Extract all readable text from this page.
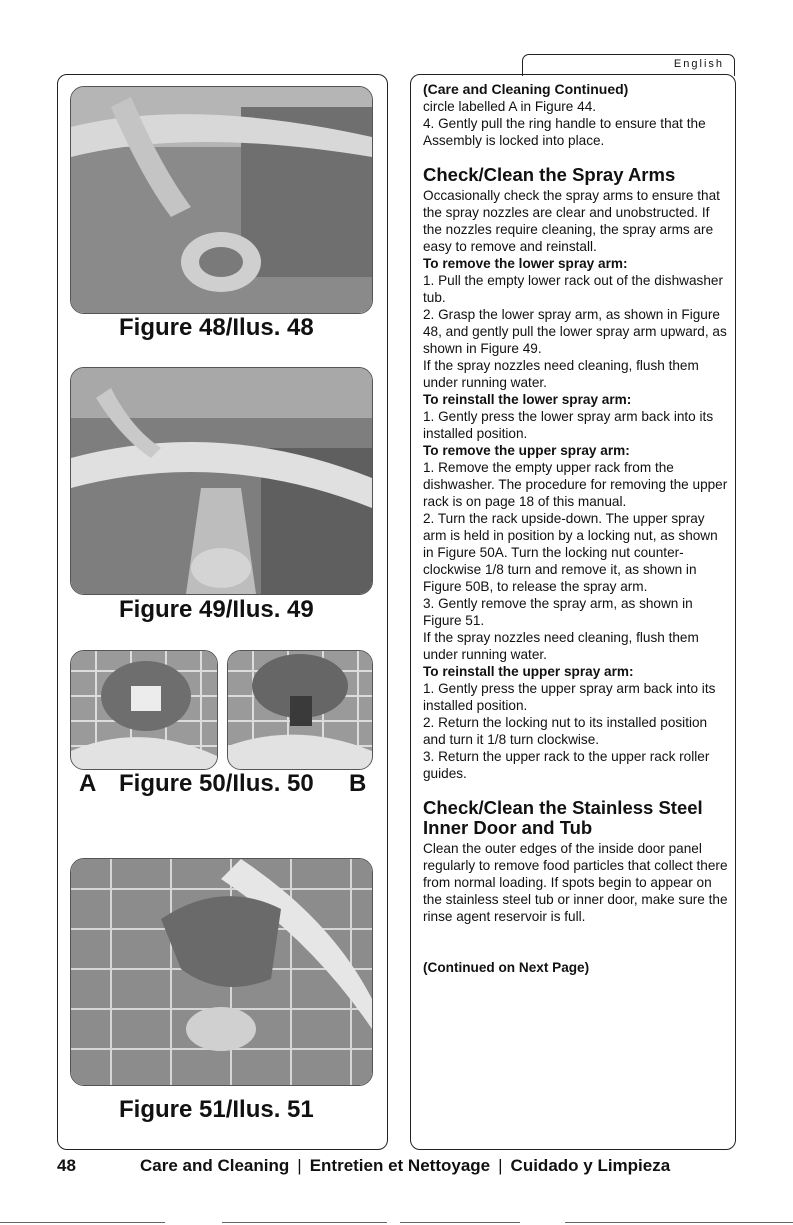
English
Figure 48/Ilus. 48
Figure 49/Ilus. 49
A Figure 50/Ilus. 50 B
Figure 51/Ilus. 51

(Care and Cleaning Continued)

circle labelled A in Figure 44.

4. Gently pull the ring handle to ensure that the Assembly is locked into place.

Check/Clean the Spray Arms

Occasionally check the spray arms to ensure that the spray nozzles are clear and unobstructed. If the nozzles require cleaning, the spray arms are easy to remove and reinstall.

To remove the lower spray arm:

1. Pull the empty lower rack out of the dishwasher tub.

2. Grasp the lower spray arm, as shown in Figure 48, and gently pull the lower spray arm upward, as shown in Figure 49.

If the spray nozzles need cleaning, flush them under running water.

To reinstall the lower spray arm:

1. Gently press the lower spray arm back into its installed position.

To remove the upper spray arm:

1. Remove the empty upper rack from the dishwasher. The procedure for removing the upper rack is on page 18 of this manual.

2. Turn the rack upside-down. The upper spray arm is held in position by a locking nut, as shown in Figure 50A. Turn the locking nut counter-clockwise 1/8 turn and remove it, as shown in Figure 50B, to release the spray arm.

3. Gently remove the spray arm, as shown in Figure 51.

If the spray nozzles need cleaning, flush them under running water.

To reinstall the upper spray arm:

1. Gently press the upper spray arm back into its installed position.

2. Return the locking nut to its installed position and turn it 1/8 turn clockwise.

3. Return the upper rack to the upper rack roller guides.

Check/Clean the Stainless Steel Inner Door and Tub

Clean the outer edges of the inside door panel regularly to remove food particles that collect there from normal loading. If spots begin to appear on the stainless steel tub or inner door, make sure the rinse agent reservoir is full.

(Continued on Next Page)

48	Care and Cleaning | Entretien et Nettoyage | Cuidado y Limpieza
